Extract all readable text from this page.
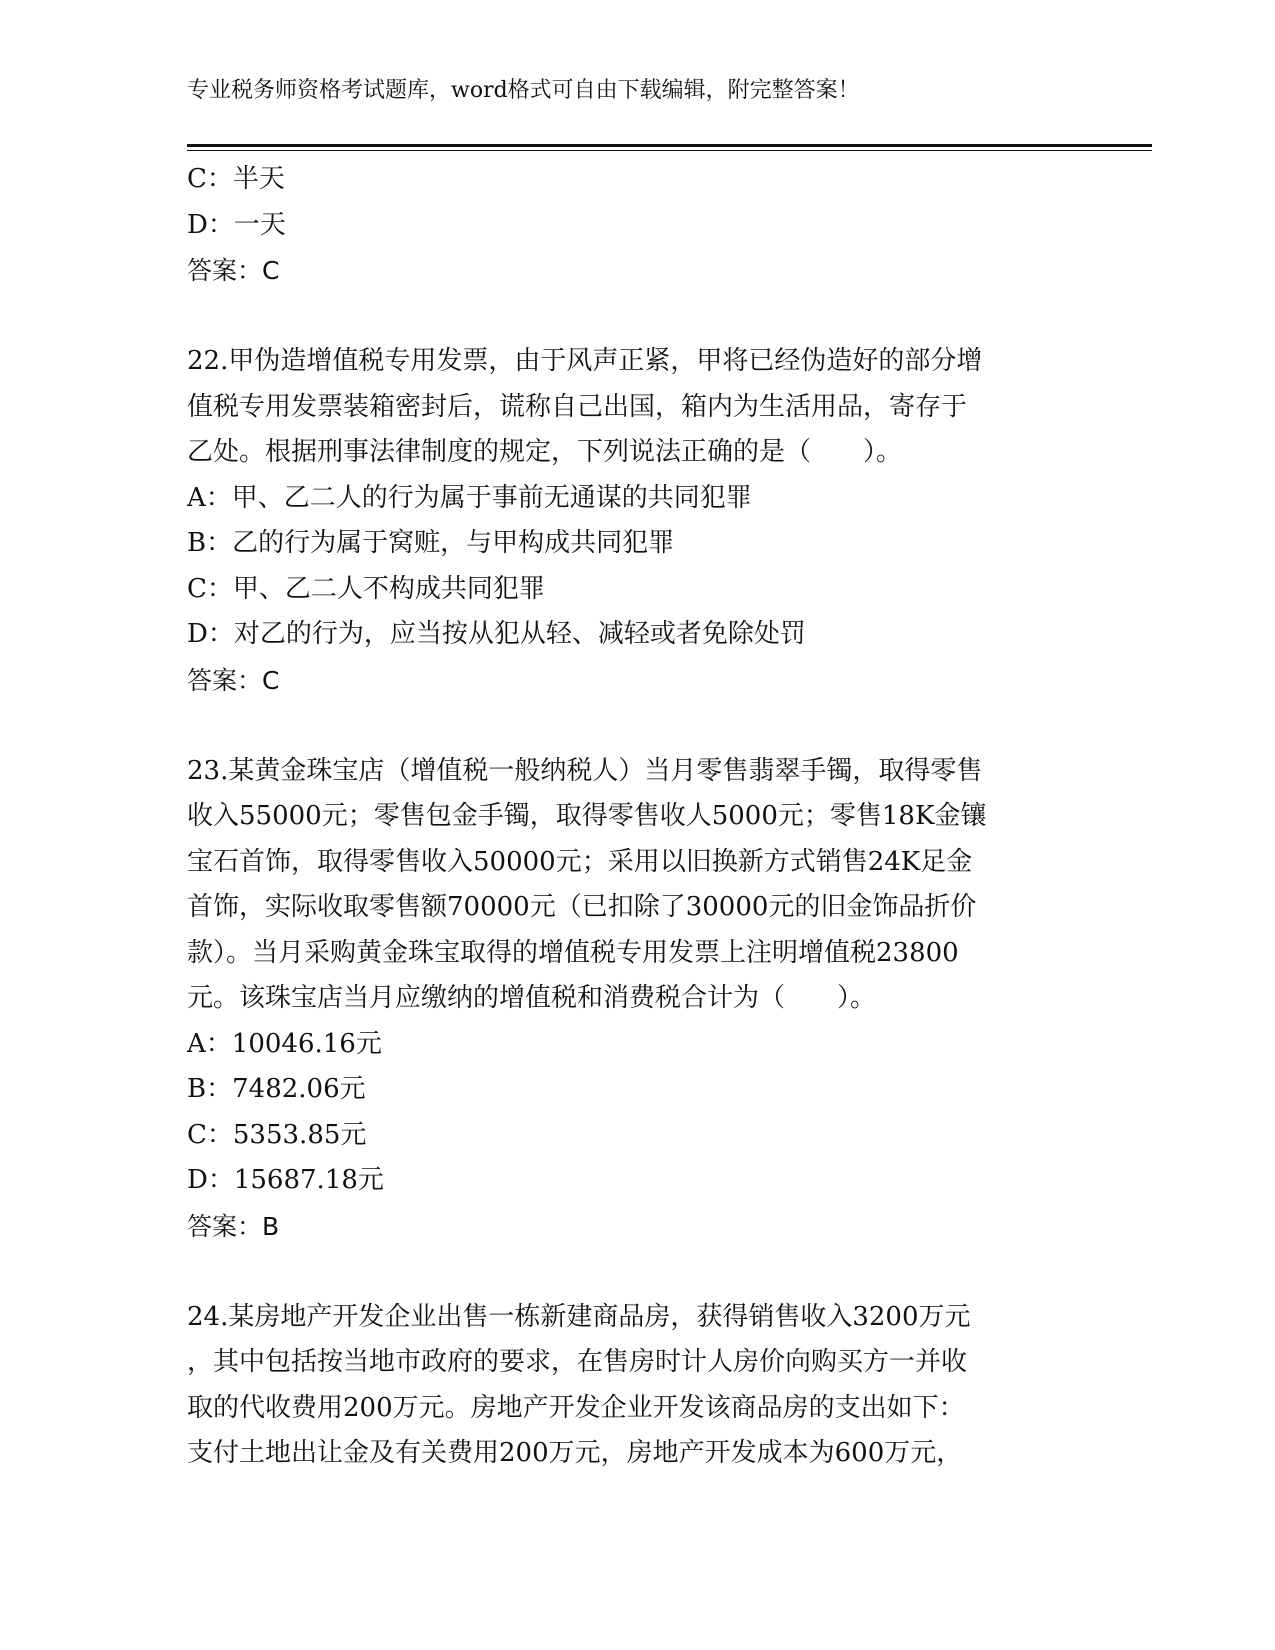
专业税务师资格考试题库，word格式可自由下载编辑，附完整答案！
C：半天
D：一天
答案：C
22.甲伪造增值税专用发票，由于风声正紧，甲将已经伪造好的部分增
值税专用发票装箱密封后，谎称自己出国，箱内为生活用品，寄存于
乙处。根据刑事法律制度的规定，下列说法正确的是（　　）。
A：甲、乙二人的行为属于事前无通谋的共同犯罪
B：乙的行为属于窝赃，与甲构成共同犯罪
C：甲、乙二人不构成共同犯罪
D：对乙的行为，应当按从犯从轻、减轻或者免除处罚
答案：C
23.某黄金珠宝店（增值税一般纳税人）当月零售翡翠手镯，取得零售
收入55000元；零售包金手镯，取得零售收人5000元；零售18K金镶
宝石首饰，取得零售收入50000元；采用以旧换新方式销售24K足金
首饰，实际收取零售额70000元（已扣除了30000元的旧金饰品折价
款）。当月采购黄金珠宝取得的增值税专用发票上注明增值税23800
元。该珠宝店当月应缴纳的增值税和消费税合计为（　　）。
A：10046.16元
B：7482.06元
C：5353.85元
D：15687.18元
答案：B
24.某房地产开发企业出售一栋新建商品房，获得销售收入3200万元
，其中包括按当地市政府的要求，在售房时计人房价向购买方一并收
取的代收费用200万元。房地产开发企业开发该商品房的支出如下：
支付土地出让金及有关费用200万元，房地产开发成本为600万元，
